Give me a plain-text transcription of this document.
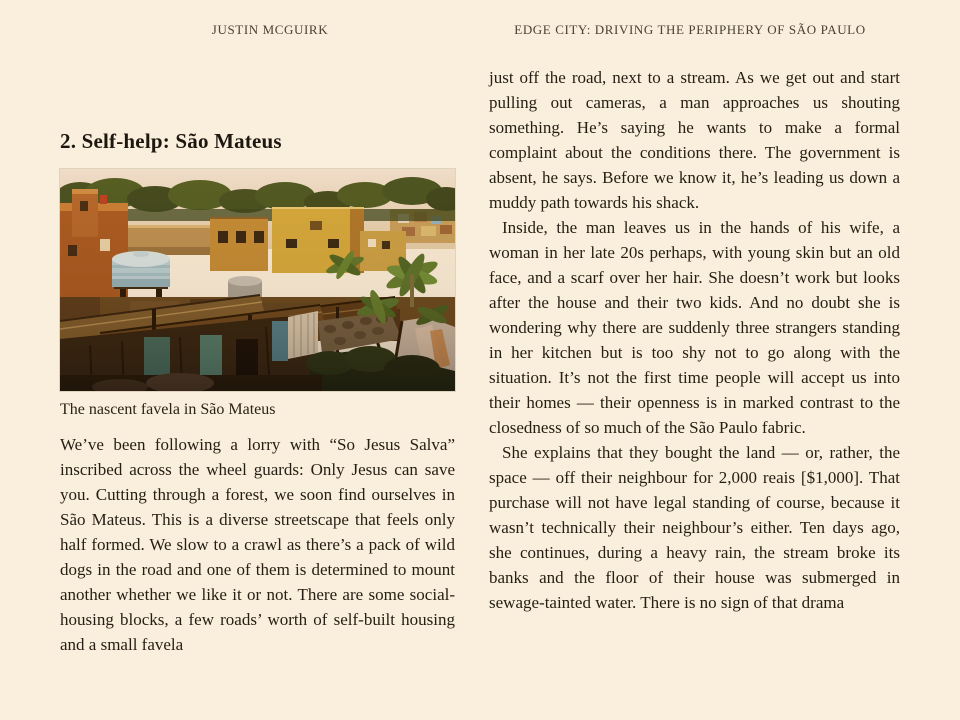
JUSTIN MCGUIRK	EDGE CITY: DRIVING THE PERIPHERY OF SÃO PAULO
2. Self-help: São Mateus
The nascent favela in São Mateus

We’ve been following a lorry with “So Jesus Salva” inscribed across the wheel guards: Only Jesus can save you. Cutting through a forest, we soon find ourselves in São Mateus. This is a diverse streetscape that feels only half formed. We slow to a crawl as there’s a pack of wild dogs in the road and one of them is determined to mount another whether we like it or not. There are some social-housing blocks, a few roads’ worth of self-built housing and a small favela

just off the road, next to a stream. As we get out and start pulling out cameras, a man approaches us shouting something. He’s saying he wants to make a formal complaint about the conditions there. The government is absent, he says. Before we know it, he’s leading us down a muddy path towards his shack.

Inside, the man leaves us in the hands of his wife, a woman in her late 20s perhaps, with young skin but an old face, and a scarf over her hair. She doesn’t work but looks after the house and their two kids. And no doubt she is wondering why there are suddenly three strangers standing in her kitchen but is too shy not to go along with the situation. It’s not the first time people will accept us into their homes — their openness is in marked contrast to the closedness of so much of the São Paulo fabric.

She explains that they bought the land — or, rather, the space — off their neighbour for 2,000 reais [$1,000]. That purchase will not have legal standing of course, because it wasn’t technically their neighbour’s either. Ten days ago, she continues, during a heavy rain, the stream broke its banks and the floor of their house was submerged in sewage-tainted water. There is no sign of that drama
